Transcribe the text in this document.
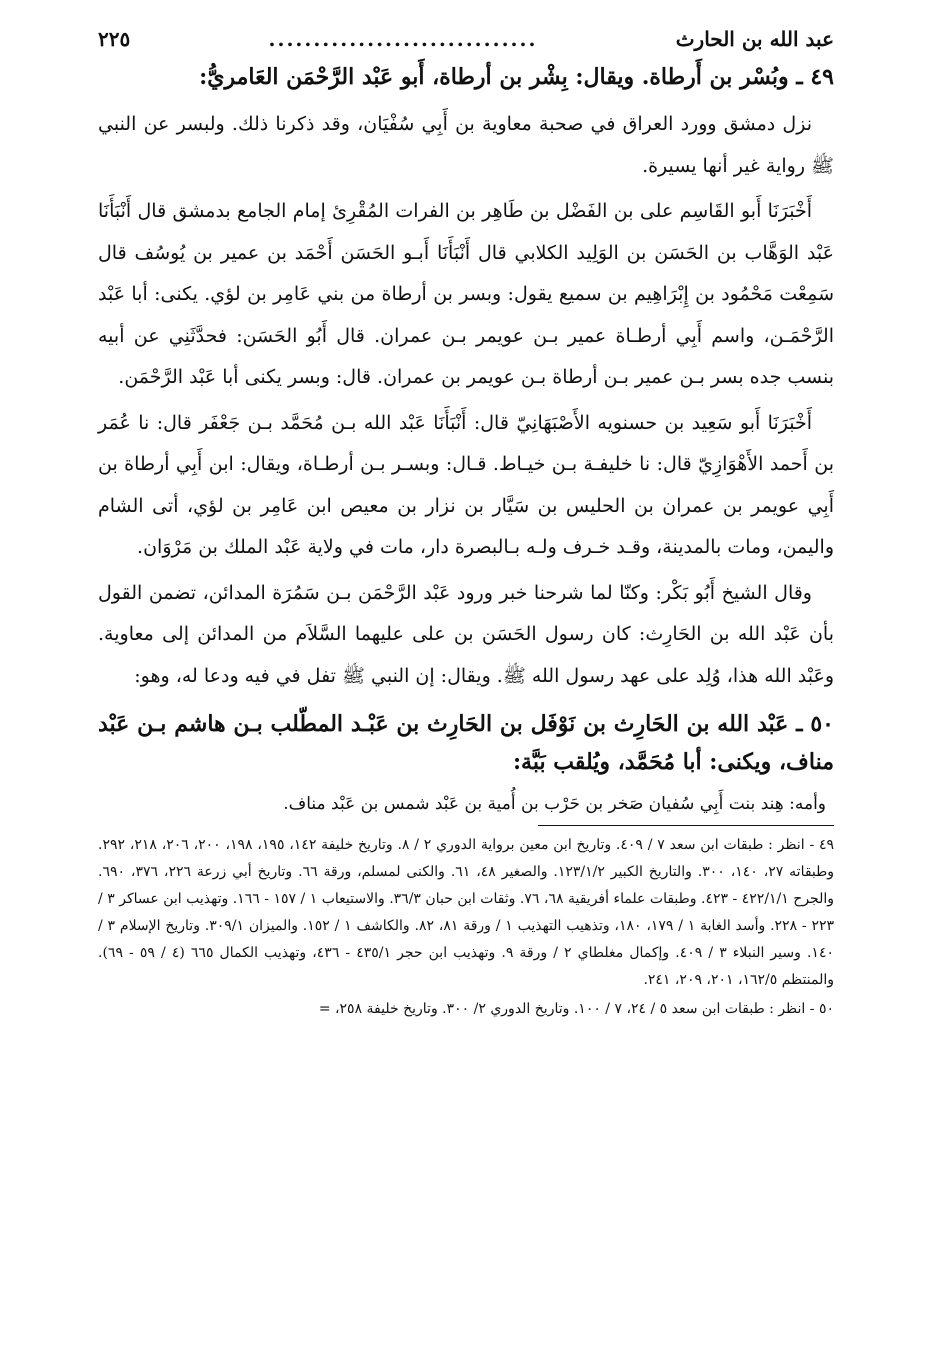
عبد الله بن الحارث
..............................
٢٢٥
٤٩ ـ وبُسْر بن أَرطاة. ويقال: بِشْر بن أرطاة، أَبو عَبْد الرَّحْمَن العَامريُّ:

نزل دمشق وورد العراق في صحبة معاوية بن أَبِي سُفْيَان، وقد ذكرنا ذلك. ولبسر عن النبي ﷺ رواية غير أنها يسيرة.

أَخْبَرَنَا أَبو القَاسِم على بن الفَضْل بن طَاهِر بن الفرات المُقْرِئ إمام الجامع بدمشق قال أَنْبَأَنَا عَبْد الوَهَّاب بن الحَسَن بن الوَلِيد الكلابي قال أَنْبَأَنَا أَبـو الحَسَن أَحْمَد بن عمير بن يُوسُف قال سَمِعْت مَحْمُود بن إِبْرَاهِيم بن سميع يقول: وبسر بن أرطاة من بني عَامِر بن لؤي. يكنى: أبا عَبْد الرَّحْمَـن، واسم أَبِي أرطـاة عمير بـن عويمر بـن عمران. قال أَبُو الحَسَن: فحدَّثَنِي عن أبيه بنسب جده بسر بـن عمير بـن أرطاة بـن عويمر بن عمران. قال: وبسر يكنى أبا عَبْد الرَّحْمَن.

أَخْبَرَنَا أَبو سَعِيد بن حسنويه الأَصْبَهَانِيّ قال: أَنْبَأَنَا عَبْد الله بـن مُحَمَّد بـن جَعْفَر قال: نا عُمَر بن أَحمد الأَهْوَازِيّ قال: نا خليفـة بـن خيـاط. قـال: وبسـر بـن أرطـاة، ويقال: ابن أَبِي أرطاة بن أَبِي عويمر بن عمران بن الحليس بن سَيَّار بن نزار بن معيص ابن عَامِر بن لؤي، أتى الشام واليمن، ومات بالمدينة، وقـد خـرف ولـه بـالبصرة دار، مات في ولاية عَبْد الملك بن مَرْوَان.

وقال الشيخ أَبُو بَكْر: وكنّا لما شرحنا خبر ورود عَبْد الرَّحْمَن بـن سَمُرَة المدائن، تضمن القول بأن عَبْد الله بن الحَارِث: كان رسول الحَسَن بن على عليهما السَّلاَم من المدائن إلى معاوية. وعَبْد الله هذا، وُلِد على عهد رسول الله ﷺ. ويقال: إن النبي ﷺ تفل في فيه ودعا له، وهو:

٥٠ ـ عَبْد الله بن الحَارِث بن نَوْفَل بن الحَارِث بن عَبْـد المطّلب بـن هاشم بـن عَبْد مناف، ويكنى: أبا مُحَمَّد، ويُلقب بَبَّة:

وأمه: هِند بنت أَبِي سُفيان صَخر بن حَرْب بن أُمية بن عَبْد شمس بن عَبْد مناف.

٤٩ - انظر : طبقات ابن سعد ٧ / ٤٠٩. وتاريخ ابن معين برواية الدوري ٢ / ٨. وتاريخ خليفة ١٤٢، ١٩٥، ١٩٨، ٢٠٠، ٢٠٦، ٢١٨، ٢٩٢. وطبقاته ٢٧، ١٤٠، ٣٠٠. والتاريخ الكبير ١٢٣/١/٢. والصغير ٤٨، ٦١. والكنى لمسلم، ورقة ٦٦. وتاريخ أبي زرعة ٢٢٦، ٣٧٦، ٦٩٠. والجرح ٤٢٢/١/١ - ٤٢٣. وطبقات علماء أفريقية ٦٨، ٧٦. وثقات ابن حبان ٣٦/٣. والاستيعاب ١ / ١٥٧ - ١٦٦. وتهذيب ابن عساكر ٣ / ٢٢٣ - ٢٢٨. وأسد الغابة ١ / ١٧٩، ١٨٠، وتذهيب التهذيب ١ / ورقة ٨١، ٨٢. والكاشف ١ / ١٥٢. والميزان ٣٠٩/١. وتاريخ الإسلام ٣ / ١٤٠. وسير النبلاء ٣ / ٤٠٩. وإكمال مغلطاي ٢ / ورقة ٩. وتهذيب ابن حجر ٤٣٥/١ - ٤٣٦، وتهذيب الكمال ٦٦٥ (٤ / ٥٩ - ٦٩). والمنتظم ١٦٢/٥، ٢٠١، ٢٠٩، ٢٤١.

٥٠ - انظر : طبقات ابن سعد ٥ / ٢٤، ٧ / ١٠٠. وتاريخ الدوري ٢/ ٣٠٠. وتاريخ خليفة ٢٥٨، =
